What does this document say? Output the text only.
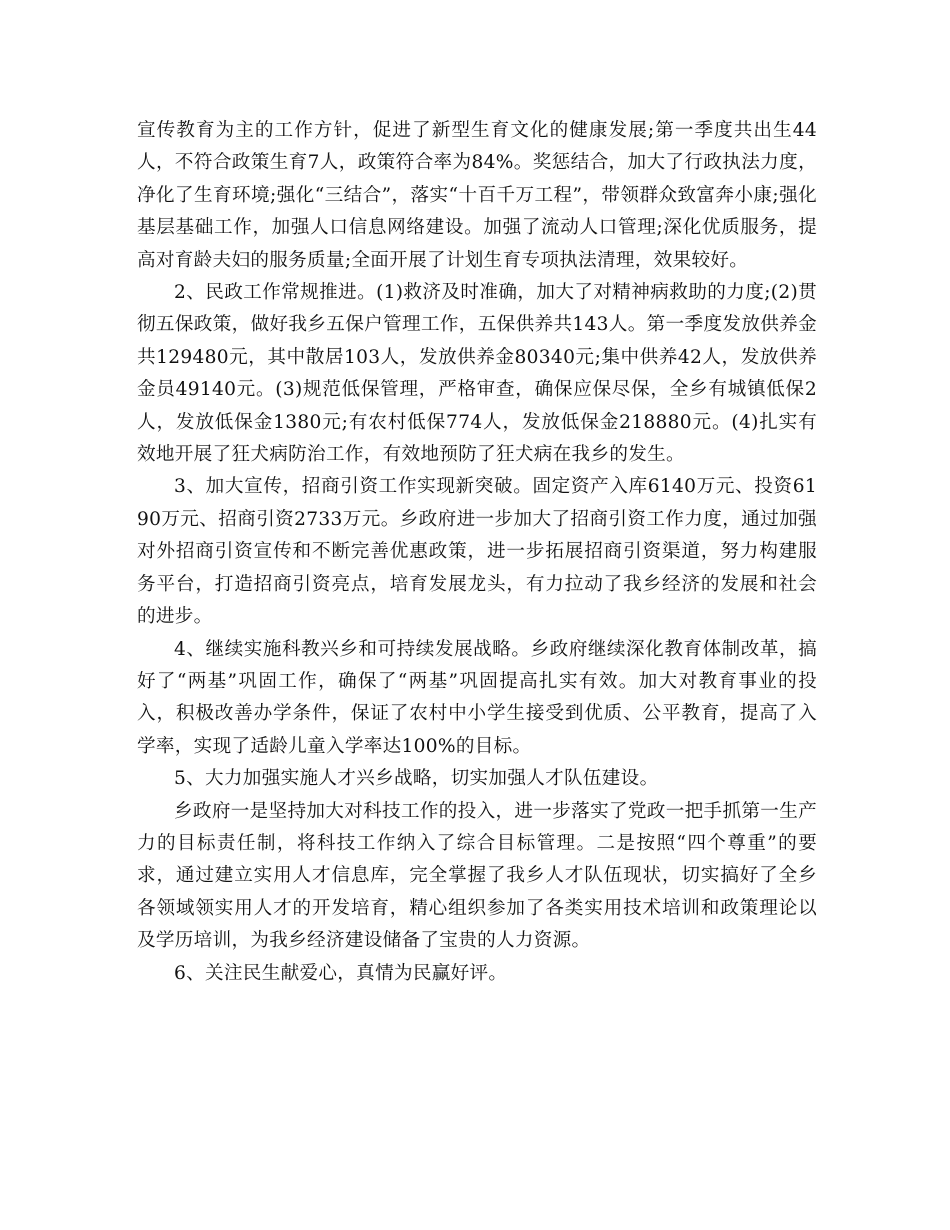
宣传教育为主的工作方针，促进了新型生育文化的健康发展;第一季度共出生44人，不符合政策生育7人，政策符合率为84%。奖惩结合，加大了行政执法力度，净化了生育环境;强化“三结合”，落实“十百千万工程”，带领群众致富奔小康;强化基层基础工作，加强人口信息网络建设。加强了流动人口管理;深化优质服务，提高对育龄夫妇的服务质量;全面开展了计划生育专项执法清理，效果较好。

2、民政工作常规推进。(1)救济及时准确，加大了对精神病救助的力度;(2)贯彻五保政策，做好我乡五保户管理工作，五保供养共143人。第一季度发放供养金共129480元，其中散居103人，发放供养金80340元;集中供养42人，发放供养金员49140元。(3)规范低保管理，严格审查，确保应保尽保，全乡有城镇低保2人，发放低保金1380元;有农村低保774人，发放低保金218880元。(4)扎实有效地开展了狂犬病防治工作，有效地预防了狂犬病在我乡的发生。

3、加大宣传，招商引资工作实现新突破。固定资产入库6140万元、投资6190万元、招商引资2733万元。乡政府进一步加大了招商引资工作力度，通过加强对外招商引资宣传和不断完善优惠政策，进一步拓展招商引资渠道，努力构建服务平台，打造招商引资亮点，培育发展龙头，有力拉动了我乡经济的发展和社会的进步。

4、继续实施科教兴乡和可持续发展战略。乡政府继续深化教育体制改革，搞好了“两基”巩固工作，确保了“两基”巩固提高扎实有效。加大对教育事业的投入，积极改善办学条件，保证了农村中小学生接受到优质、公平教育，提高了入学率，实现了适龄儿童入学率达100%的目标。

5、大力加强实施人才兴乡战略，切实加强人才队伍建设。

乡政府一是坚持加大对科技工作的投入，进一步落实了党政一把手抓第一生产力的目标责任制，将科技工作纳入了综合目标管理。二是按照“四个尊重”的要求，通过建立实用人才信息库，完全掌握了我乡人才队伍现状，切实搞好了全乡各领域领实用人才的开发培育，精心组织参加了各类实用技术培训和政策理论以及学历培训，为我乡经济建设储备了宝贵的人力资源。

6、关注民生献爱心，真情为民赢好评。
